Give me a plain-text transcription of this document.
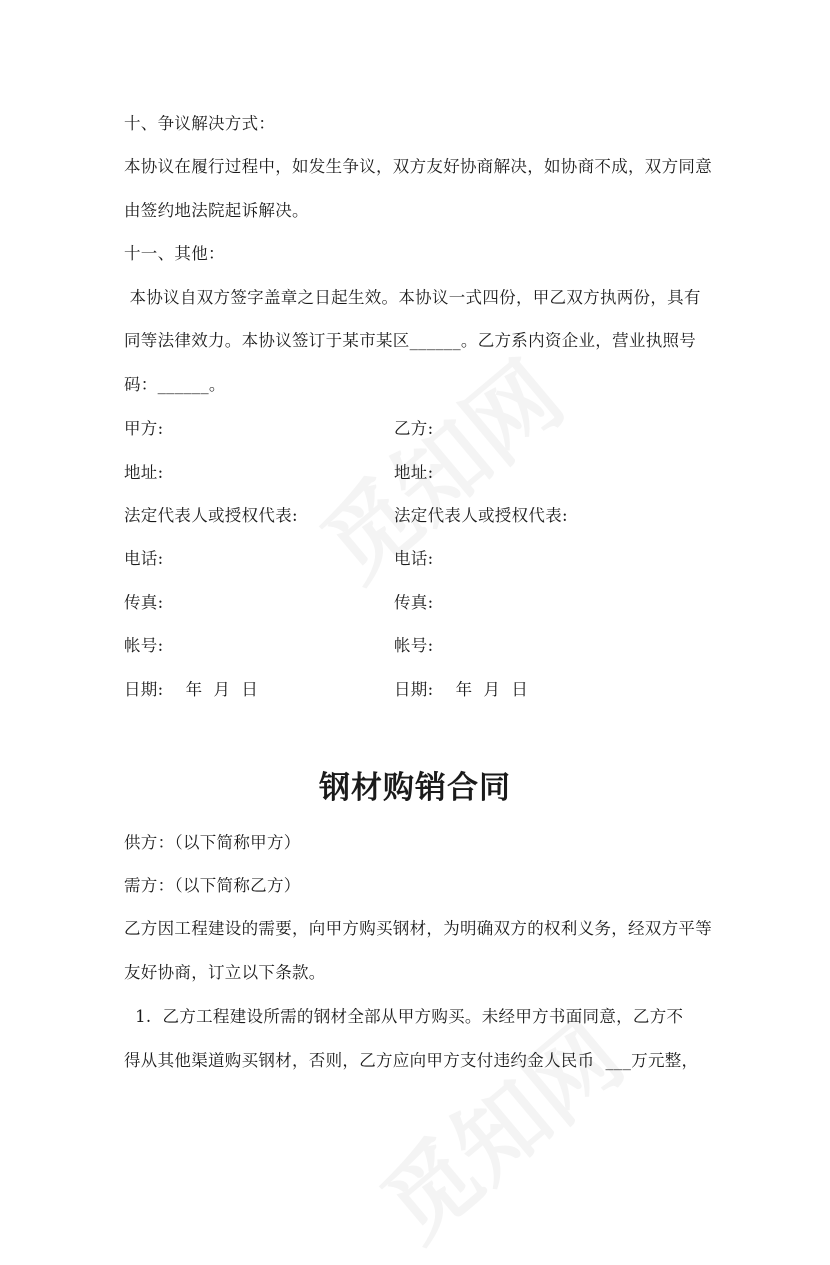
十、争议解决方式：
本协议在履行过程中，如发生争议，双方友好协商解决，如协商不成，双方同意
由签约地法院起诉解决。
十一、其他：
本协议自双方签字盖章之日起生效。本协议一式四份，甲乙双方执两份，具有
同等法律效力。本协议签订于某市某区______。乙方系内资企业，营业执照号
码：______。
甲方:
地址:
法定代表人或授权代表:
电话:
传真:
帐号:
日期:    年  月  日
乙方:
地址:
法定代表人或授权代表:
电话:
传真:
帐号:
日期:    年  月  日
钢材购销合同
供方：（以下简称甲方）
需方：（以下简称乙方）
乙方因工程建设的需要，向甲方购买钢材，为明确双方的权利义务，经双方平等
友好协商，订立以下条款。
1.  乙方工程建设所需的钢材全部从甲方购买。未经甲方书面同意，乙方不
得从其他渠道购买钢材，否则，乙方应向甲方支付违约金人民币  ___万元整，
